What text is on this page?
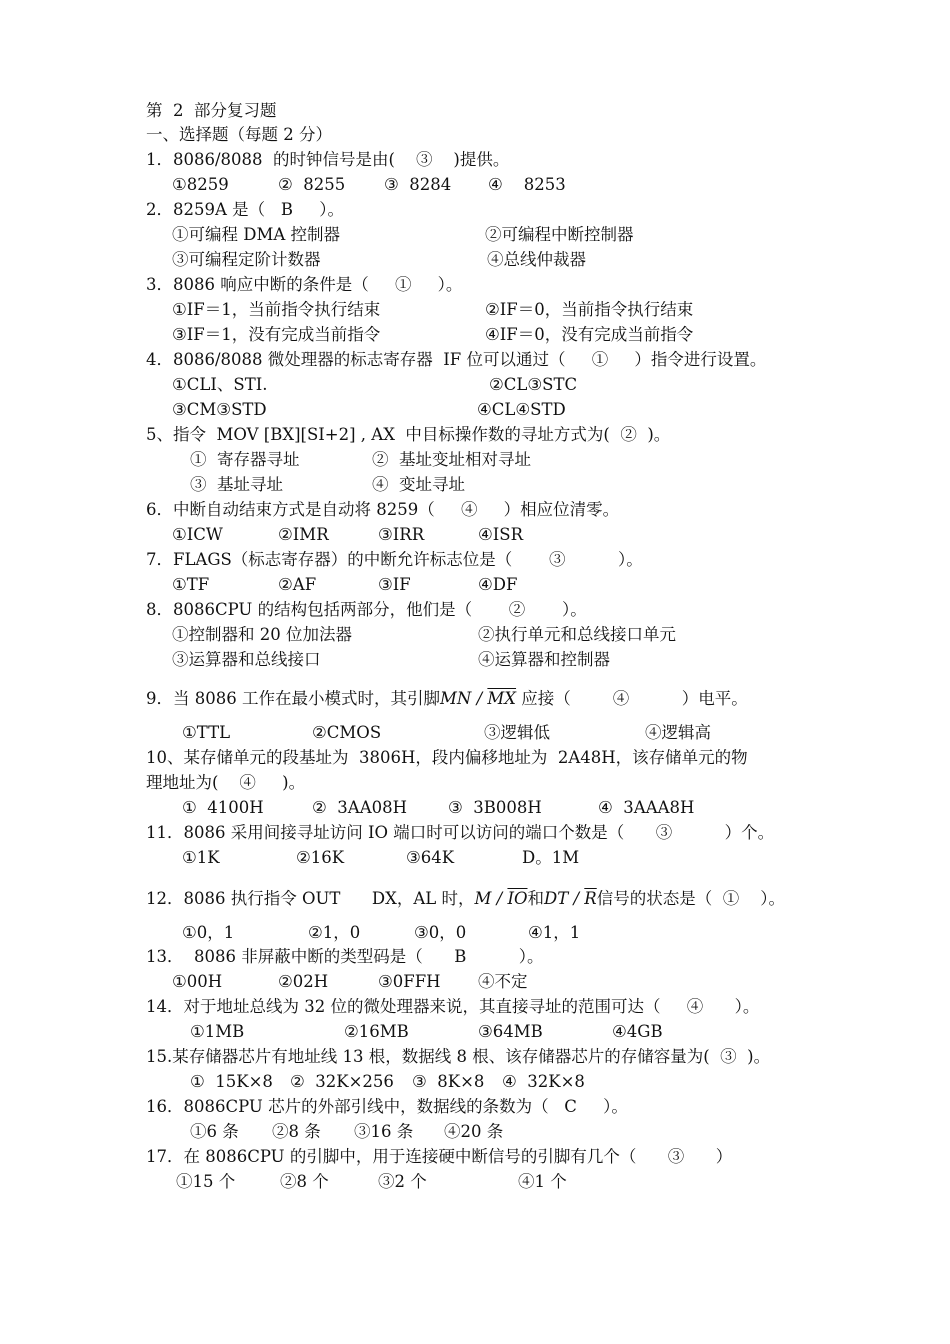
第  2  部分复习题
一、选择题（每题 2 分）
1．8086/8088  的时钟信号是由(    ③    )提供。
①8259	②  8255 ③  8284 ④    8253
2．8259A 是（   B     ）。
①可编程 DMA 控制器	②可编程中断控制器
③可编程定阶计数器	④总线仲裁器
3．8086 响应中断的条件是（     ①     ）。
①IF＝1，当前指令执行结束	②IF＝0，当前指令执行结束
③IF＝1，没有完成当前指令	④IF＝0，没有完成当前指令
4．8086/8088 微处理器的标志寄存器  IF 位可以通过（     ①     ）指令进行设置。
①CLI、STI.	②CL③STC
③CM③STD	④CL④STD
5、指令  MOV [BX][SI+2] , AX  中目标操作数的寻址方式为(  ②  )。
①  寄存器寻址	②  基址变址相对寻址
③  基址寻址	④  变址寻址
6．中断自动结束方式是自动将 8259（     ④     ）相应位清零。
①ICW	②IMR	③IRR	④ISR
7．FLAGS（标志寄存器）的中断允许标志位是（       ③          ）。
①TF	②AF	③IF	④DF
8．8086CPU 的结构包括两部分，他们是（       ②       ）。
①控制器和 20 位加法器	②执行单元和总线接口单元
③运算器和总线接口	④运算器和控制器
9．当 8086 工作在最小模式时，其引脚MN / $\overline{MX}$ 应接（        ④          ）电平。
①TTL	②CMOS	③逻辑低	④逻辑高
10、某存储单元的段基址为  3806H，段内偏移地址为  2A48H，该存储单元的物
理地址为(    ④     )。
①  4100H	②  3AA08H ③  3B008H	④  3AAA8H
11．8086 采用间接寻址访问 IO 端口时可以访问的端口个数是（      ③          ）个。
①1K	②16K	③64K	D。1M
12．8086 执行指令 OUT      DX，AL 时，M / $\overline{IO}$和DT / $\overline{R}$信号的状态是（  ①    ）。
①0，1	②1，0	③0，0	④1，1
13．  8086 非屏蔽中断的类型码是（      B          ）。
①00H	②02H	③0FFH ④不定
14．对于地址总线为 32 位的微处理器来说，其直接寻址的范围可达（     ④      ）。
①1MB	②16MB	③64MB	④4GB
15.某存储器芯片有地址线 13 根，数据线 8 根、该存储器芯片的存储容量为(  ③  )。
①  15K×8 ②  32K×256 ③  8K×8 ④  32K×8
16．8086CPU 芯片的外部引线中，数据线的条数为（   C     ）。
①6 条 ②8 条 ③16 条 ④20 条
17．在 8086CPU 的引脚中，用于连接硬中断信号的引脚有几个（      ③      ）
①15 个	②8 个	③2 个	④1 个
